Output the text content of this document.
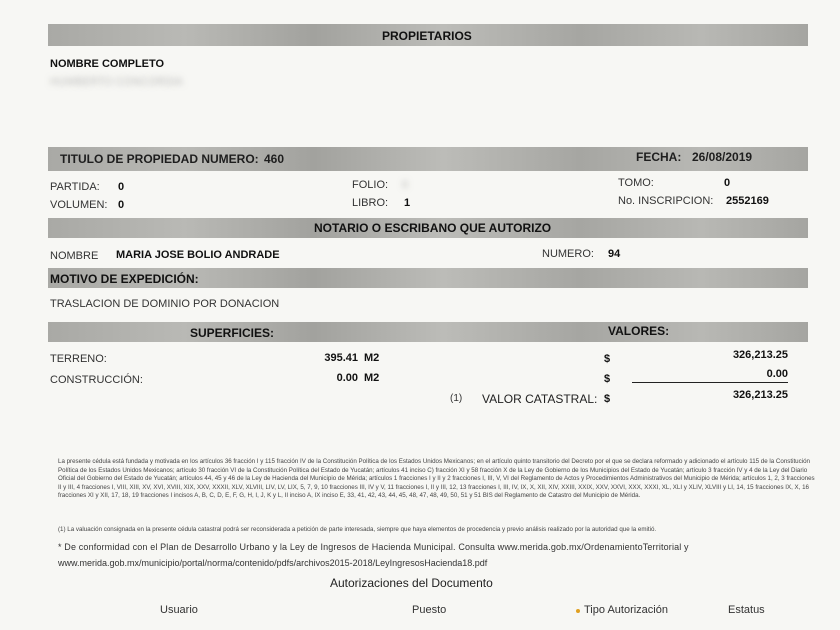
PROPIETARIOS
NOMBRE COMPLETO
HUMBERTO CONCORDIA
TITULO DE PROPIEDAD NUMERO: 460	FECHA: 26/08/2019
PARTIDA: 0
VOLUMEN: 0
FOLIO: 6
LIBRO: 1
TOMO:	0
No. INSCRIPCION: 2552169
NOTARIO O ESCRIBANO QUE AUTORIZO
NOMBRE MARIA JOSE BOLIO ANDRADE	NUMERO: 94
MOTIVO DE EXPEDICIÓN:
TRASLACION DE DOMINIO POR DONACION
SUPERFICIES:	VALORES:
TERRENO:	395.41 M2	$	326,213.25
CONSTRUCCIÓN:	0.00 M2	$	0.00
(1) VALOR CATASTRAL: $	326,213.25
La presente cédula está fundada y motivada en los artículos 36 fracción I y 115 fracción IV de la Constitución Política de los Estados Unidos Mexicanos; en el artículo quinto transitorio del Decreto por el que se declara reformado y adicionado el artículo 115 de la Constitución Política de los Estados Unidos Mexicanos; artículo 30 fracción VI de la Constitución Política del Estado de Yucatán; artículos 41 inciso C) fracción XI y 58 fracción X de la Ley de Gobierno de los Municipios del Estado de Yucatán; artículo 3 fracción IV y 4 de la Ley del Diario Oficial del Gobierno del Estado de Yucatán; artículos 44, 45 y 46 de la Ley de Hacienda del Municipio de Mérida; artículos 1 fracciones I y II y 2 fracciones I, III, V, VI del Reglamento de Actos y Procedimientos Administrativos del Municipio de Mérida; artículos 1, 2, 3 fracciones II y III, 4 fracciones I, VIII, XIII, XV, XVI, XVIII, XIX, XXV, XXXII, XLV, XLVIII, LIV, LV, LIX, 5, 7, 9, 10 fracciones III, IV y V, 11 fracciones I, II y III, 12, 13 fracciones I, III, IV, IX, X, XII, XIV, XXIII, XXIX, XXV, XXVI, XXX, XXXI, XL, XLI y XLIV, XLVIII y LI, 14, 15 fracciones IX, X, 16 fracciones XI y XII, 17, 18, 19 fracciones I incisos A, B, C, D, E, F, G, H, I, J, K y L, II inciso A, IX inciso E, 33, 41, 42, 43, 44, 45, 48, 47, 48, 49, 50, 51 y 51 BIS del Reglamento de Catastro del Municipio de Mérida.
(1) La valuación consignada en la presente cédula catastral podrá ser reconsiderada a petición de parte interesada, siempre que haya elementos de procedencia y previo análisis realizado por la autoridad que la emitió.
* De conformidad con el Plan de Desarrollo Urbano y la Ley de Ingresos de Hacienda Municipal. Consulta www.merida.gob.mx/OrdenamientoTerritorial y
www.merida.gob.mx/municipio/portal/norma/contenido/pdfs/archivos2015-2018/LeyIngresosHacienda18.pdf
Autorizaciones del Documento
Usuario	Puesto	Tipo Autorización	Estatus
